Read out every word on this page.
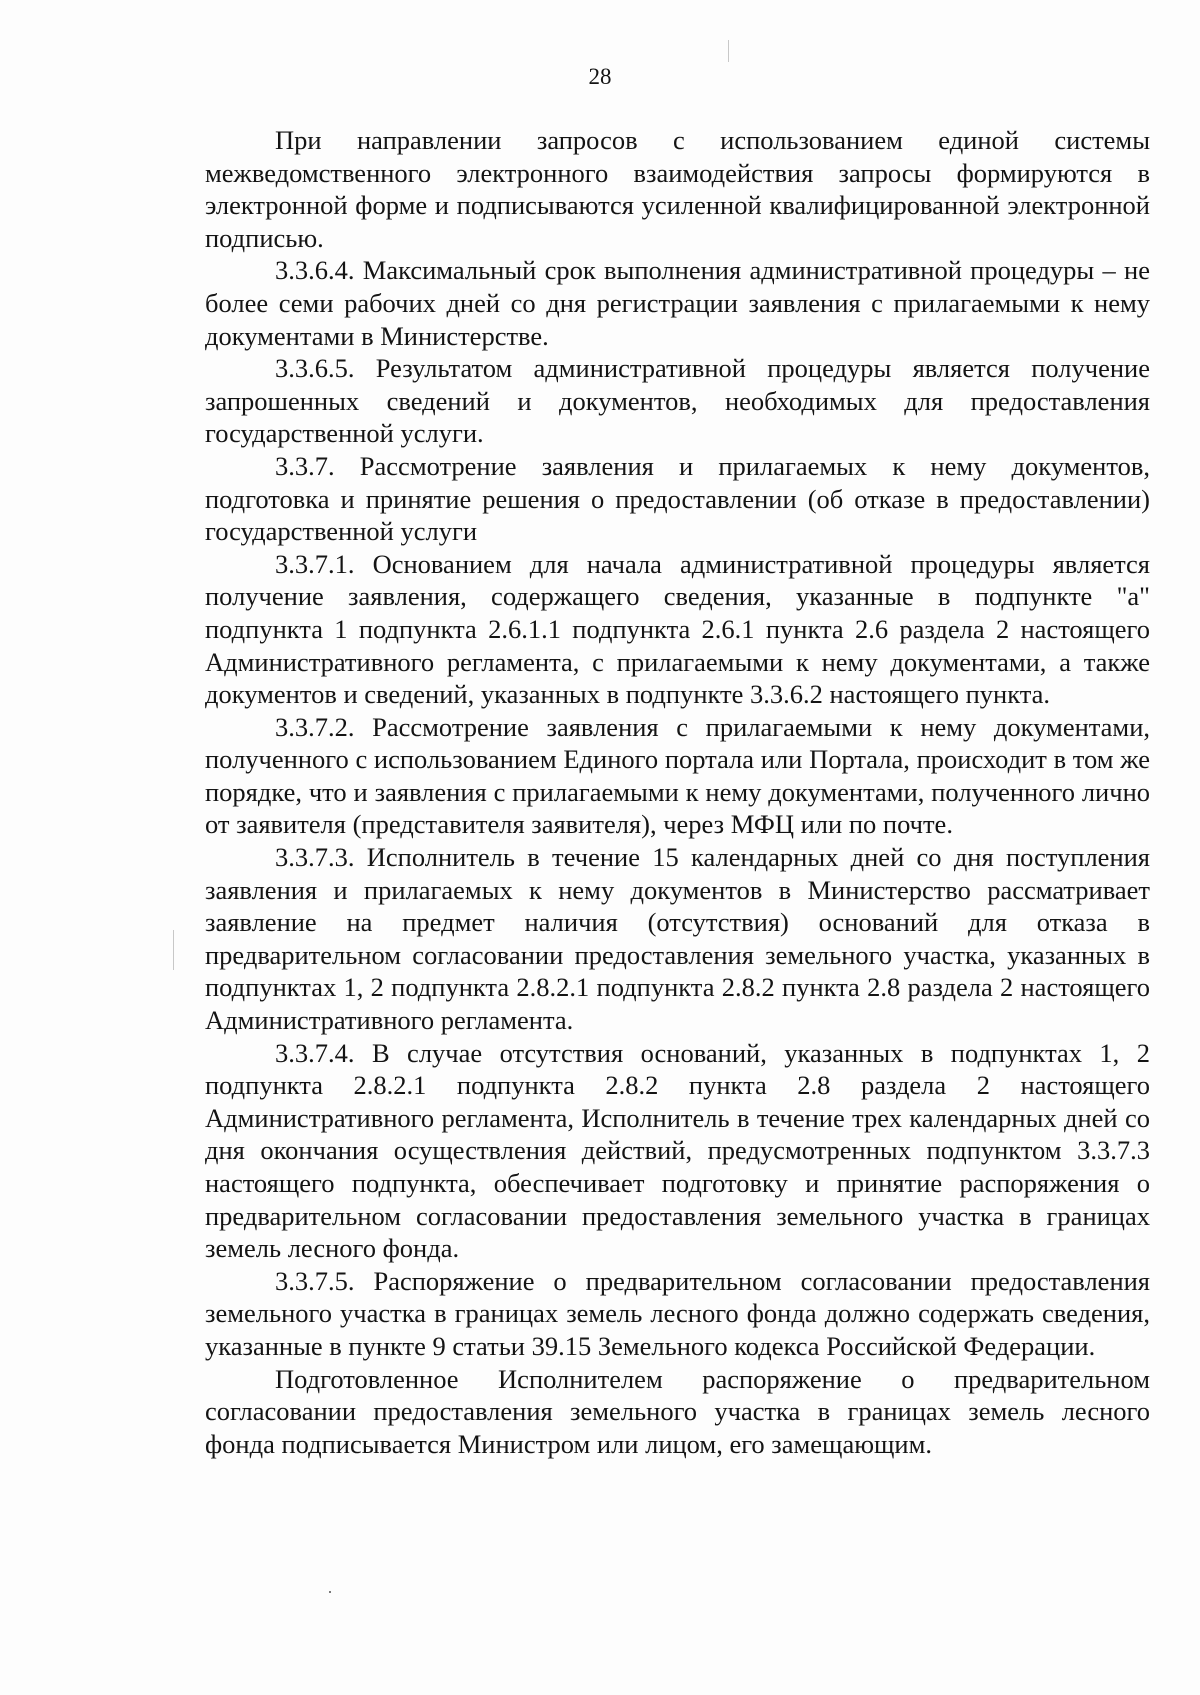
28

При направлении запросов с использованием единой системы межведомственного электронного взаимодействия запросы формируются в электронной форме и подписываются усиленной квалифицированной электронной подписью.

3.3.6.4. Максимальный срок выполнения административной процедуры – не более семи рабочих дней со дня регистрации заявления с прилагаемыми к нему документами в Министерстве.

3.3.6.5. Результатом административной процедуры является получение запрошенных сведений и документов, необходимых для предоставления государственной услуги.

3.3.7. Рассмотрение заявления и прилагаемых к нему документов, подготовка и принятие решения о предоставлении (об отказе в предоставлении) государственной услуги

3.3.7.1. Основанием для начала административной процедуры является получение заявления, содержащего сведения, указанные в подпункте "а" подпункта 1 подпункта 2.6.1.1 подпункта 2.6.1 пункта 2.6 раздела 2 настоящего Административного регламента, с прилагаемыми к нему документами, а также документов и сведений, указанных в подпункте 3.3.6.2 настоящего пункта.

3.3.7.2. Рассмотрение заявления с прилагаемыми к нему документами, полученного с использованием Единого портала или Портала, происходит в том же порядке, что и заявления с прилагаемыми к нему документами, полученного лично от заявителя (представителя заявителя), через МФЦ или по почте.

3.3.7.3. Исполнитель в течение 15 календарных дней со дня поступления заявления и прилагаемых к нему документов в Министерство рассматривает заявление на предмет наличия (отсутствия) оснований для отказа в предварительном согласовании предоставления земельного участка, указанных в подпунктах 1, 2 подпункта 2.8.2.1 подпункта 2.8.2 пункта 2.8 раздела 2 настоящего Административного регламента.

3.3.7.4. В случае отсутствия оснований, указанных в подпунктах 1, 2 подпункта 2.8.2.1 подпункта 2.8.2 пункта 2.8 раздела 2 настоящего Административного регламента, Исполнитель в течение трех календарных дней со дня окончания осуществления действий, предусмотренных подпунктом 3.3.7.3 настоящего подпункта, обеспечивает подготовку и принятие распоряжения о предварительном согласовании предоставления земельного участка в границах земель лесного фонда.

3.3.7.5. Распоряжение о предварительном согласовании предоставления земельного участка в границах земель лесного фонда должно содержать сведения, указанные в пункте 9 статьи 39.15 Земельного кодекса Российской Федерации.

Подготовленное Исполнителем распоряжение о предварительном согласовании предоставления земельного участка в границах земель лесного фонда подписывается Министром или лицом, его замещающим.
